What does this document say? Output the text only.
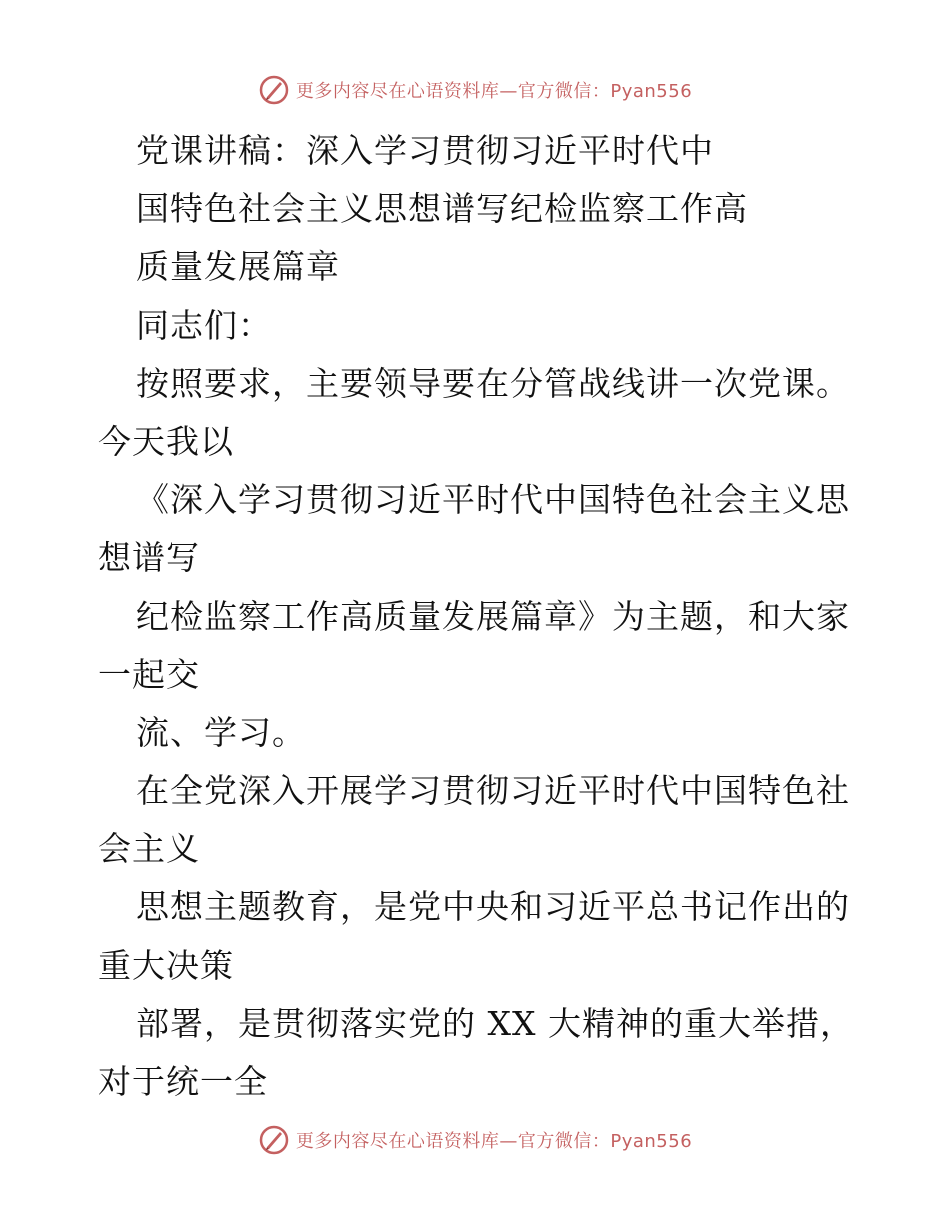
更多内容尽在心语资料库—官方微信：Pyan556
党课讲稿：深入学习贯彻习近平时代中
国特色社会主义思想谱写纪检监察工作高
质量发展篇章
同志们：
按照要求，主要领导要在分管战线讲一次党课。
今天我以
《深入学习贯彻习近平时代中国特色社会主义思
想谱写
纪检监察工作高质量发展篇章》为主题，和大家
一起交
流、学习。
在全党深入开展学习贯彻习近平时代中国特色社
会主义
思想主题教育，是党中央和习近平总书记作出的
重大决策
部署，是贯彻落实党的 XX 大精神的重大举措，
对于统一全
更多内容尽在心语资料库—官方微信：Pyan556
